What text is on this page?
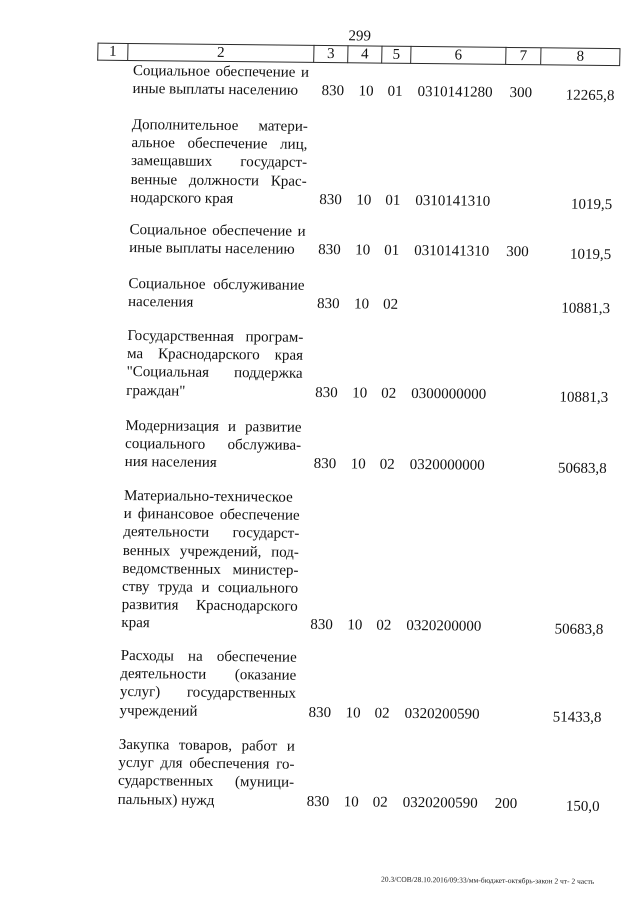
299
1	2	3	4	5	6	7	8
Социальное обеспечение и
иные выплаты населению	830 10 01 0310141280 300 12265,8
Дополнительное матери-
альное обеспечение лиц,
замещавших государст-
венные должности Крас-
нодарского края	830 10 01 0310141310	1019,5
Социальное обеспечение и
иные выплаты населению	830 10 01 0310141310 300	1019,5
Социальное обслуживание
населения	830 10 02	10881,3
Государственная програм-
ма Краснодарского края
"Социальная поддержка
граждан"	830 10 02 0300000000	10881,3
Модернизация и развитие
социального обслужива-
ния населения	830 10 02 0320000000	50683,8
Материально-техническое
и финансовое обеспечение
деятельности государст-
венных учреждений, под-
ведомственных министер-
ству труда и социального
развития Краснодарского
края	830 10 02 0320200000	50683,8
Расходы на обеспечение
деятельности (оказание
услуг) государственных
учреждений	830 10 02 0320200590	51433,8
Закупка товаров, работ и
услуг для обеспечения го-
сударственных (муници-
пальных) нужд	830 10 02 0320200590 200	150,0
20.3/СОВ/28.10.2016/09:33/мм-бюджет-октябрь-закон 2 чт- 2 часть
